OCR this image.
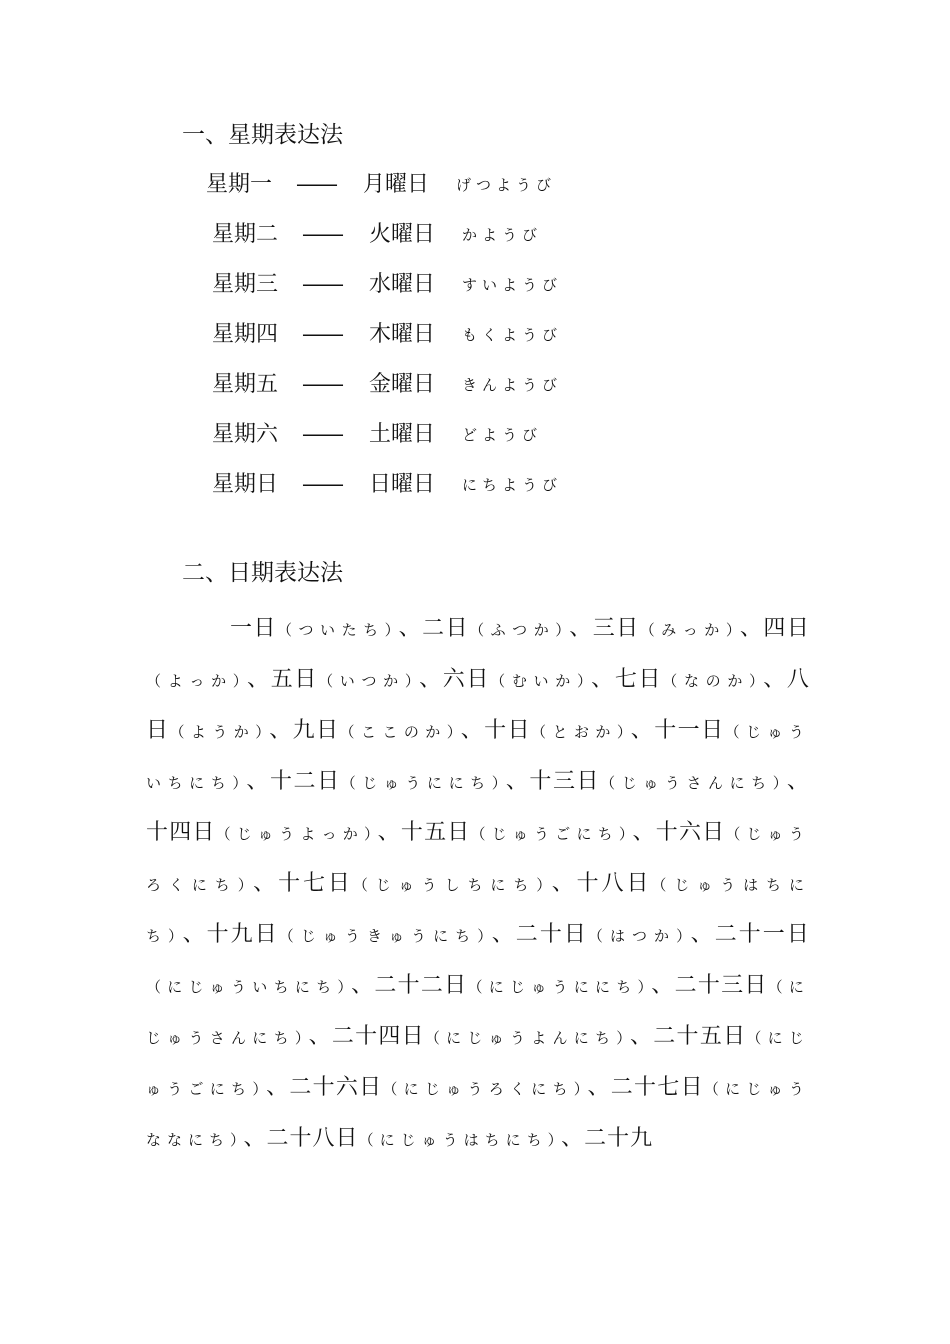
一、星期表达法
星期一 —— 月曜日 げつようび
星期二 —— 火曜日 かようび
星期三 —— 水曜日 すいようび
星期四 —— 木曜日 もくようび
星期五 —— 金曜日 きんようび
星期六 —— 土曜日 どようび
星期日 —— 日曜日 にちようび
二、日期表达法
一日（ついたち）、二日（ふつか）、三日（みっか）、四日（よっか）、五日（いつか）、六日（むいか）、七日（なのか）、八日（ようか）、九日（ここのか）、十日（とおか）、十一日（じゅういちにち）、十二日（じゅうににち）、十三日（じゅうさんにち）、十四日（じゅうよっか）、十五日（じゅうごにち）、十六日（じゅうろくにち）、十七日（じゅうしちにち）、十八日（じゅうはちにち）、十九日（じゅうきゅうにち）、二十日（はつか）、二十一日（にじゅういちにち）、二十二日（にじゅうににち）、二十三日（にじゅうさんにち）、二十四日（にじゅうよんにち）、二十五日（にじゅうごにち）、二十六日（にじゅうろくにち）、二十七日（にじゅうななにち）、二十八日（にじゅうはちにち）、二十九
